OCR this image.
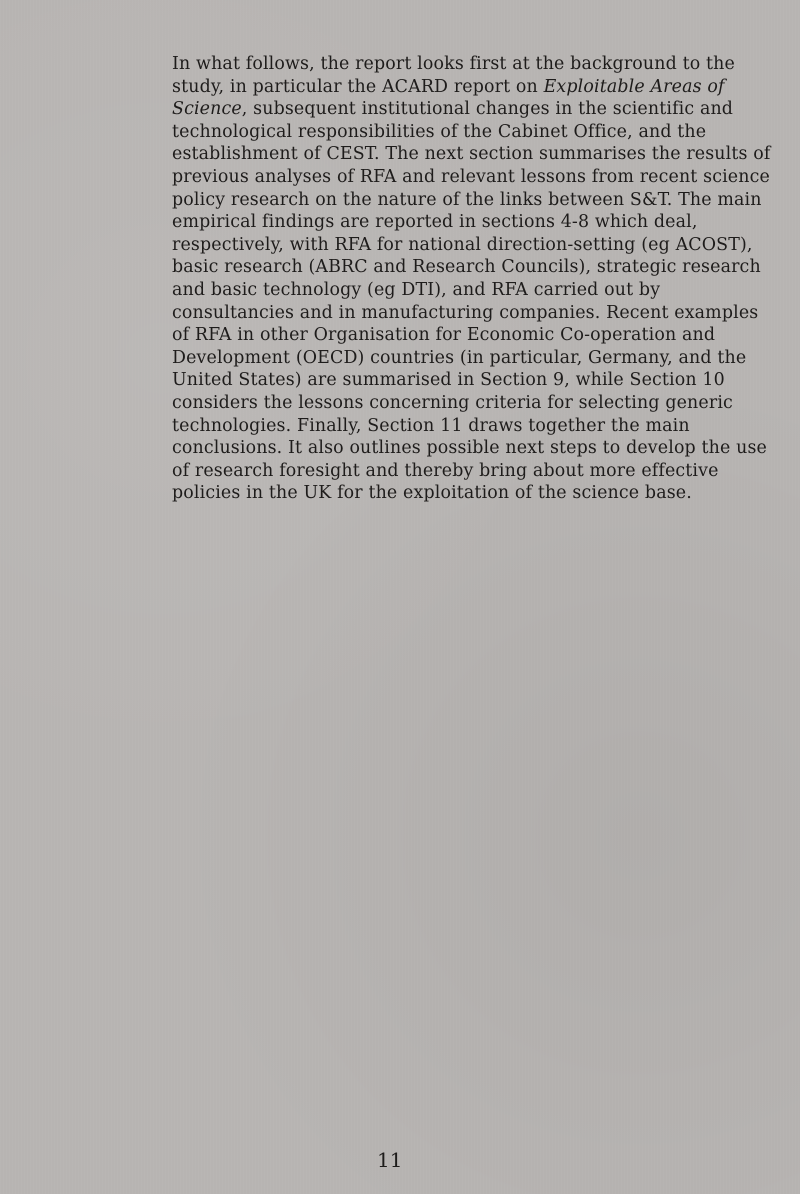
In what follows, the report looks first at the background to the study, in particular the ACARD report on Exploitable Areas of Science, subsequent institutional changes in the scientific and technological responsibilities of the Cabinet Office, and the establishment of CEST. The next section summarises the results of previous analyses of RFA and relevant lessons from recent science policy research on the nature of the links between S&T. The main empirical findings are reported in sections 4-8 which deal, respectively, with RFA for national direction-setting (eg ACOST), basic research (ABRC and Research Councils), strategic research and basic technology (eg DTI), and RFA carried out by consultancies and in manufacturing companies. Recent examples of RFA in other Organisation for Economic Co-operation and Development (OECD) countries (in particular, Germany, and the United States) are summarised in Section 9, while Section 10 considers the lessons concerning criteria for selecting generic technologies. Finally, Section 11 draws together the main conclusions. It also outlines possible next steps to develop the use of research foresight and thereby bring about more effective policies in the UK for the exploitation of the science base.

11
